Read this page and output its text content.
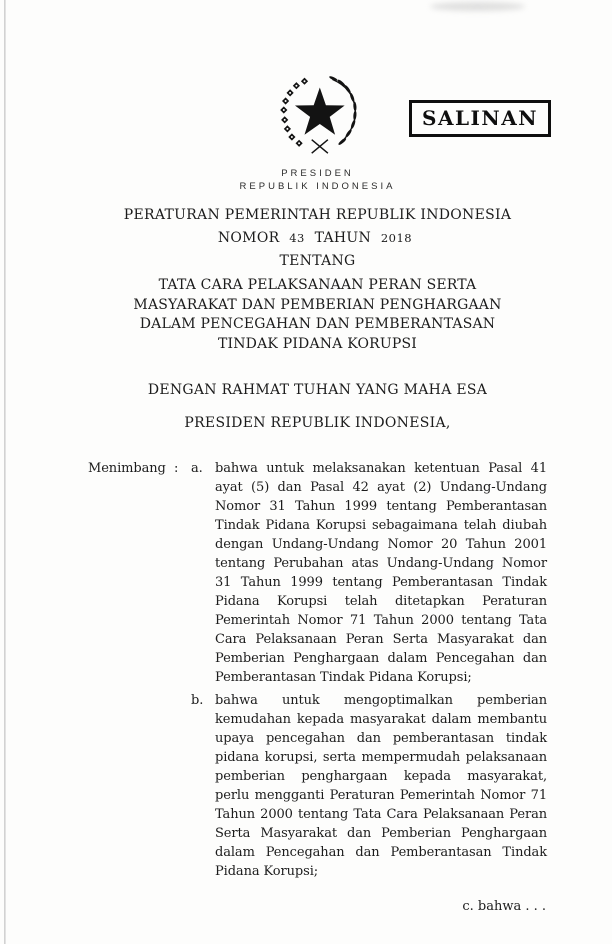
SALINAN
PRESIDEN
REPUBLIK INDONESIA
PERATURAN PEMERINTAH REPUBLIK INDONESIA
NOMOR 43 TAHUN 2018
TENTANG
TATA CARA PELAKSANAAN PERAN SERTA MASYARAKAT DAN PEMBERIAN PENGHARGAAN DALAM PENCEGAHAN DAN PEMBERANTASAN TINDAK PIDANA KORUPSI
DENGAN RAHMAT TUHAN YANG MAHA ESA
PRESIDEN REPUBLIK INDONESIA,
Menimbang : a. bahwa untuk melaksanakan ketentuan Pasal 41 ayat (5) dan Pasal 42 ayat (2) Undang-Undang Nomor 31 Tahun 1999 tentang Pemberantasan Tindak Pidana Korupsi sebagaimana telah diubah dengan Undang-Undang Nomor 20 Tahun 2001 tentang Perubahan atas Undang-Undang Nomor 31 Tahun 1999 tentang Pemberantasan Tindak Pidana Korupsi telah ditetapkan Peraturan Pemerintah Nomor 71 Tahun 2000 tentang Tata Cara Pelaksanaan Peran Serta Masyarakat dan Pemberian Penghargaan dalam Pencegahan dan Pemberantasan Tindak Pidana Korupsi;
b. bahwa untuk mengoptimalkan pemberian kemudahan kepada masyarakat dalam membantu upaya pencegahan dan pemberantasan tindak pidana korupsi, serta mempermudah pelaksanaan pemberian penghargaan kepada masyarakat, perlu mengganti Peraturan Pemerintah Nomor 71 Tahun 2000 tentang Tata Cara Pelaksanaan Peran Serta Masyarakat dan Pemberian Penghargaan dalam Pencegahan dan Pemberantasan Tindak Pidana Korupsi;
c. bahwa . . .
